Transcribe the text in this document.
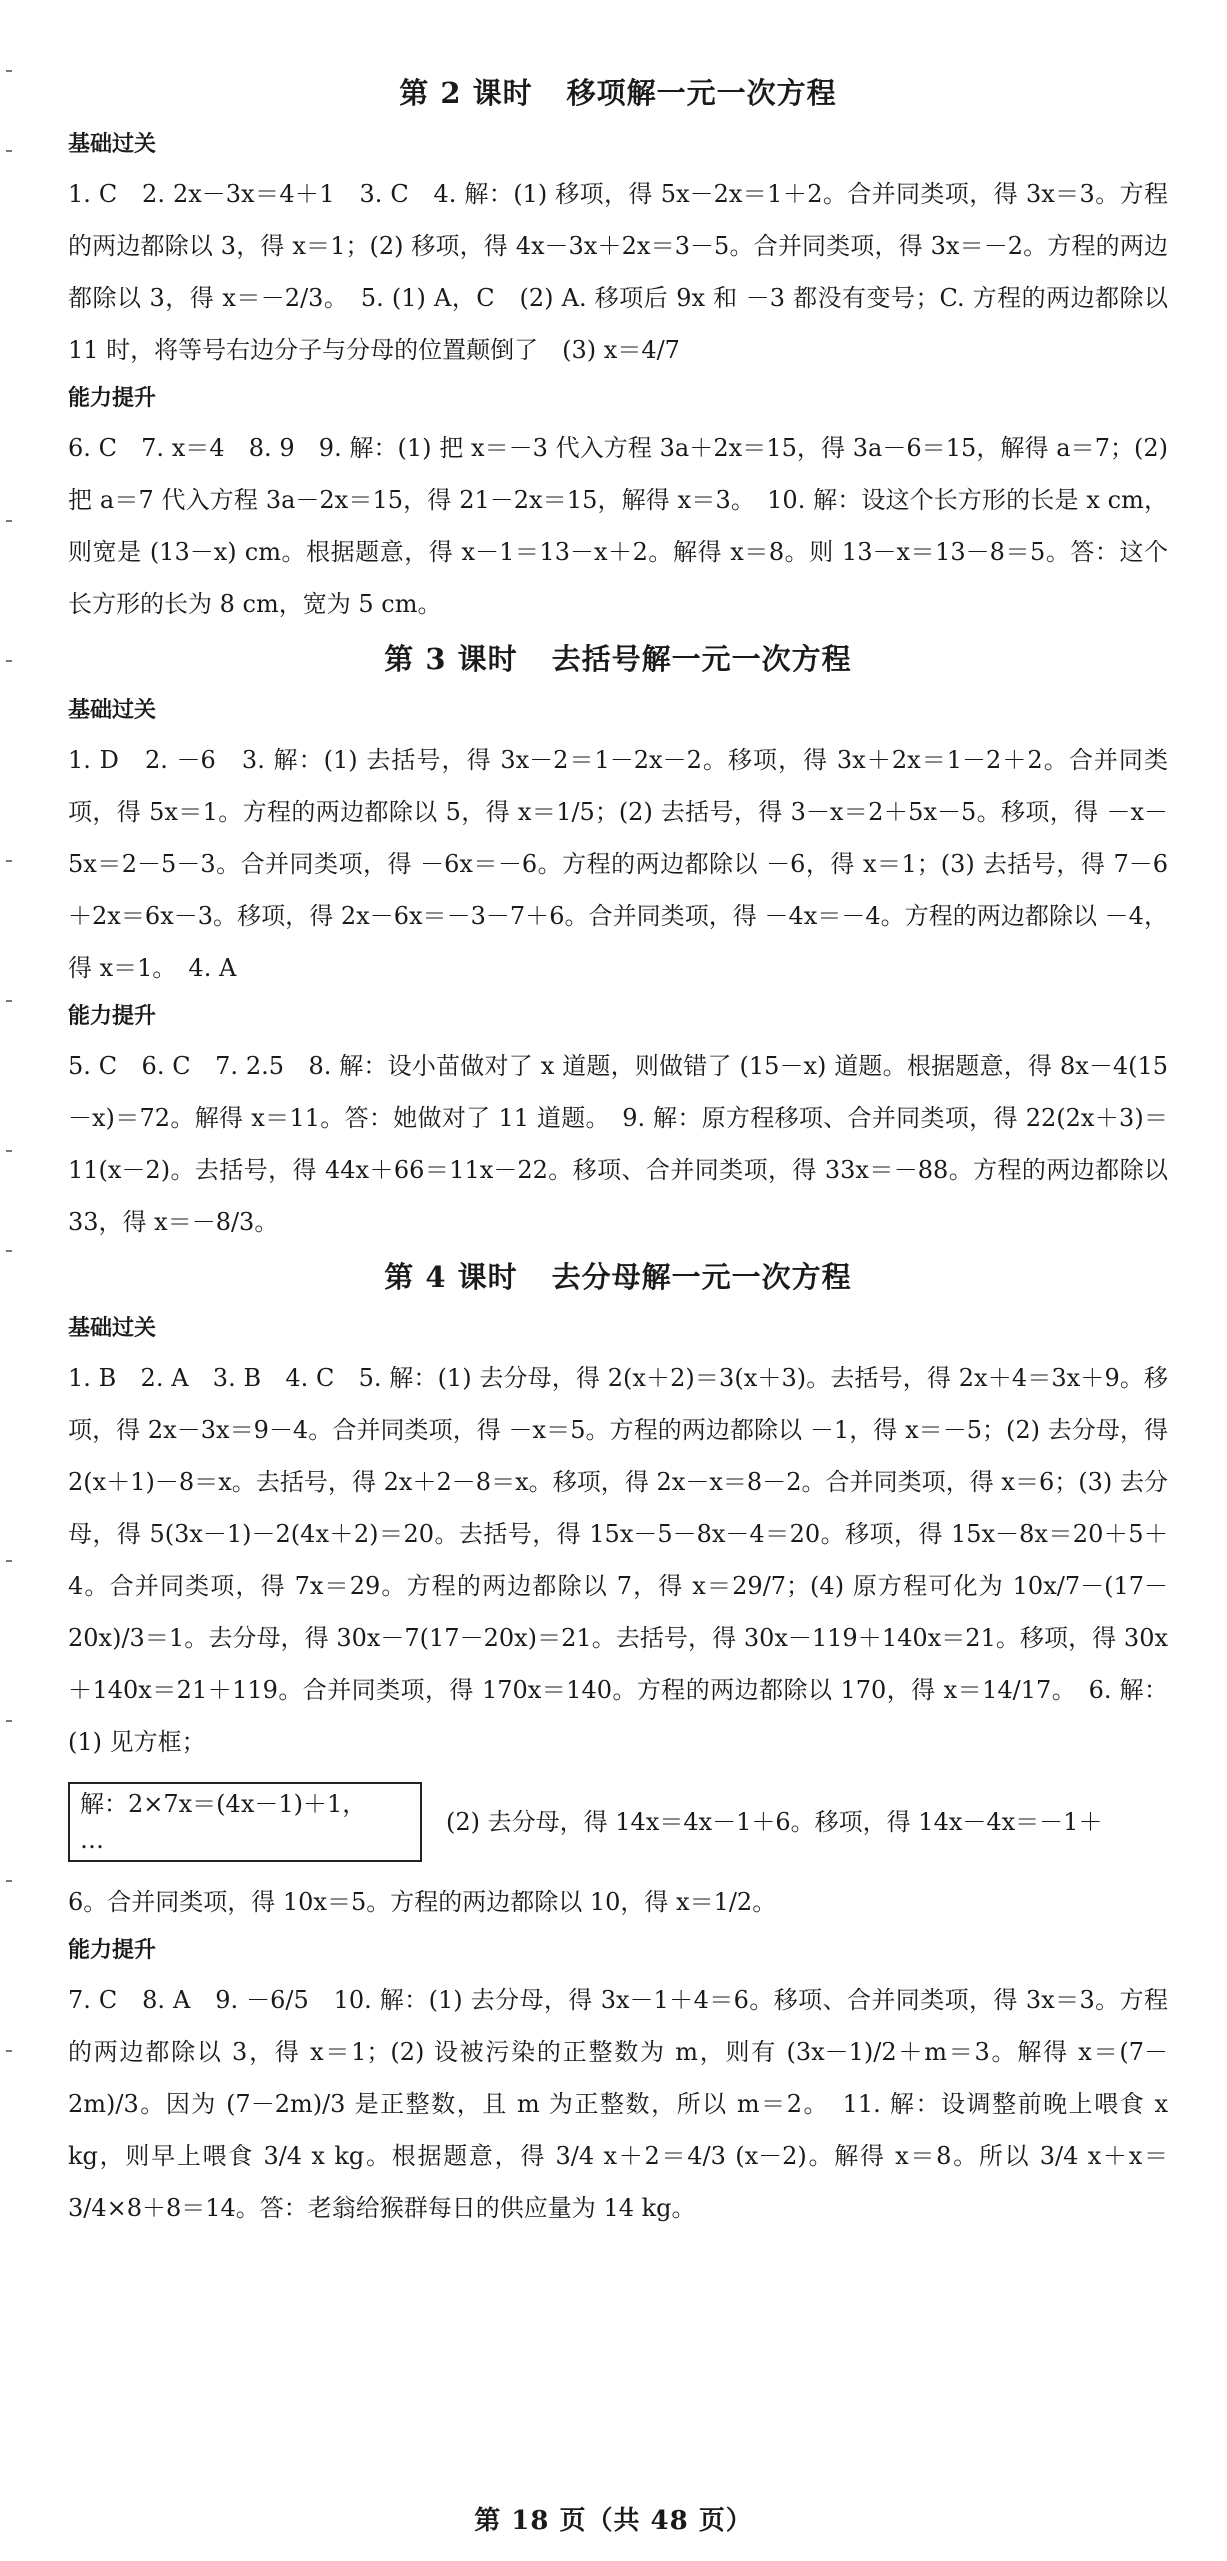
第 2 课时 移项解一元一次方程
基础过关

1. C　2. 2x－3x＝4＋1　3. C　4. 解：(1) 移项，得 5x－2x＝1＋2。合并同类项，得 3x＝3。方程的两边都除以 3，得 x＝1；(2) 移项，得 4x－3x＋2x＝3－5。合并同类项，得 3x＝－2。方程的两边都除以 3，得 x＝－2/3。　5. (1) A，C　(2) A. 移项后 9x 和 －3 都没有变号；C. 方程的两边都除以 11 时，将等号右边分子与分母的位置颠倒了　(3) x＝4/7

能力提升

6. C　7. x＝4　8. 9　9. 解：(1) 把 x＝－3 代入方程 3a＋2x＝15，得 3a－6＝15，解得 a＝7；(2) 把 a＝7 代入方程 3a－2x＝15，得 21－2x＝15，解得 x＝3。　10. 解：设这个长方形的长是 x cm，则宽是 (13－x) cm。根据题意，得 x－1＝13－x＋2。解得 x＝8。则 13－x＝13－8＝5。答：这个长方形的长为 8 cm，宽为 5 cm。

第 3 课时 去括号解一元一次方程
基础过关

1. D　2. －6　3. 解：(1) 去括号，得 3x－2＝1－2x－2。移项，得 3x＋2x＝1－2＋2。合并同类项，得 5x＝1。方程的两边都除以 5，得 x＝1/5；(2) 去括号，得 3－x＝2＋5x－5。移项，得 －x－5x＝2－5－3。合并同类项，得 －6x＝－6。方程的两边都除以 －6，得 x＝1；(3) 去括号，得 7－6＋2x＝6x－3。移项，得 2x－6x＝－3－7＋6。合并同类项，得 －4x＝－4。方程的两边都除以 －4，得 x＝1。　4. A

能力提升

5. C　6. C　7. 2.5　8. 解：设小苗做对了 x 道题，则做错了 (15－x) 道题。根据题意，得 8x－4(15－x)＝72。解得 x＝11。答：她做对了 11 道题。　9. 解：原方程移项、合并同类项，得 22(2x＋3)＝11(x－2)。去括号，得 44x＋66＝11x－22。移项、合并同类项，得 33x＝－88。方程的两边都除以 33，得 x＝－8/3。

第 4 课时 去分母解一元一次方程
基础过关

1. B　2. A　3. B　4. C　5. 解：(1) 去分母，得 2(x＋2)＝3(x＋3)。去括号，得 2x＋4＝3x＋9。移项，得 2x－3x＝9－4。合并同类项，得 －x＝5。方程的两边都除以 －1，得 x＝－5；(2) 去分母，得 2(x＋1)－8＝x。去括号，得 2x＋2－8＝x。移项，得 2x－x＝8－2。合并同类项，得 x＝6；(3) 去分母，得 5(3x－1)－2(4x＋2)＝20。去括号，得 15x－5－8x－4＝20。移项，得 15x－8x＝20＋5＋4。合并同类项，得 7x＝29。方程的两边都除以 7，得 x＝29/7；(4) 原方程可化为 10x/7－(17－20x)/3＝1。去分母，得 30x－7(17－20x)＝21。去括号，得 30x－119＋140x＝21。移项，得 30x＋140x＝21＋119。合并同类项，得 170x＝140。方程的两边都除以 170，得 x＝14/17。　6. 解：(1) 见方框；

解：2×7x＝(4x－1)＋1，
…

(2) 去分母，得 14x＝4x－1＋6。移项，得 14x－4x＝－1＋

6。合并同类项，得 10x＝5。方程的两边都除以 10，得 x＝1/2。

能力提升

7. C　8. A　9. －6/5　10. 解：(1) 去分母，得 3x－1＋4＝6。移项、合并同类项，得 3x＝3。方程的两边都除以 3，得 x＝1；(2) 设被污染的正整数为 m，则有 (3x－1)/2＋m＝3。解得 x＝(7－2m)/3。因为 (7－2m)/3 是正整数，且 m 为正整数，所以 m＝2。　11. 解：设调整前晚上喂食 x kg，则早上喂食 3/4 x kg。根据题意，得 3/4 x＋2＝4/3 (x－2)。解得 x＝8。所以 3/4 x＋x＝3/4×8＋8＝14。答：老翁给猴群每日的供应量为 14 kg。

第 18 页（共 48 页）
